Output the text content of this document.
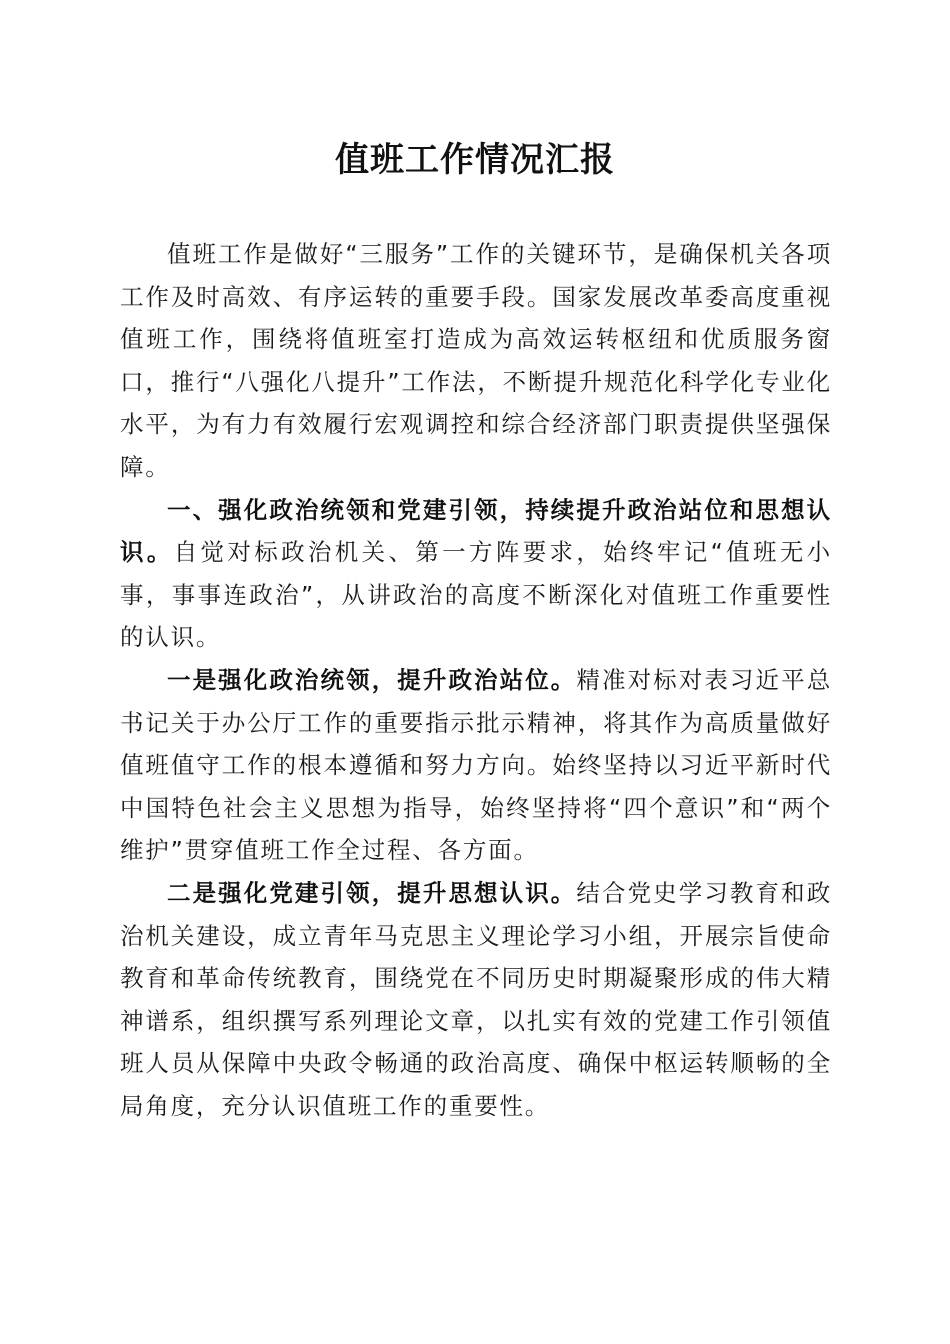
值班工作情况汇报

值班工作是做好“三服务”工作的关键环节，是确保机关各项工作及时高效、有序运转的重要手段。国家发展改革委高度重视值班工作，围绕将值班室打造成为高效运转枢纽和优质服务窗口，推行“八强化八提升”工作法，不断提升规范化科学化专业化水平，为有力有效履行宏观调控和综合经济部门职责提供坚强保障。

一、强化政治统领和党建引领，持续提升政治站位和思想认识。自觉对标政治机关、第一方阵要求，始终牢记“值班无小事，事事连政治”，从讲政治的高度不断深化对值班工作重要性的认识。

一是强化政治统领，提升政治站位。精准对标对表习近平总书记关于办公厅工作的重要指示批示精神，将其作为高质量做好值班值守工作的根本遵循和努力方向。始终坚持以习近平新时代中国特色社会主义思想为指导，始终坚持将“四个意识”和“两个维护”贯穿值班工作全过程、各方面。

二是强化党建引领，提升思想认识。结合党史学习教育和政治机关建设，成立青年马克思主义理论学习小组，开展宗旨使命教育和革命传统教育，围绕党在不同历史时期凝聚形成的伟大精神谱系，组织撰写系列理论文章，以扎实有效的党建工作引领值班人员从保障中央政令畅通的政治高度、确保中枢运转顺畅的全局角度，充分认识值班工作的重要性。
